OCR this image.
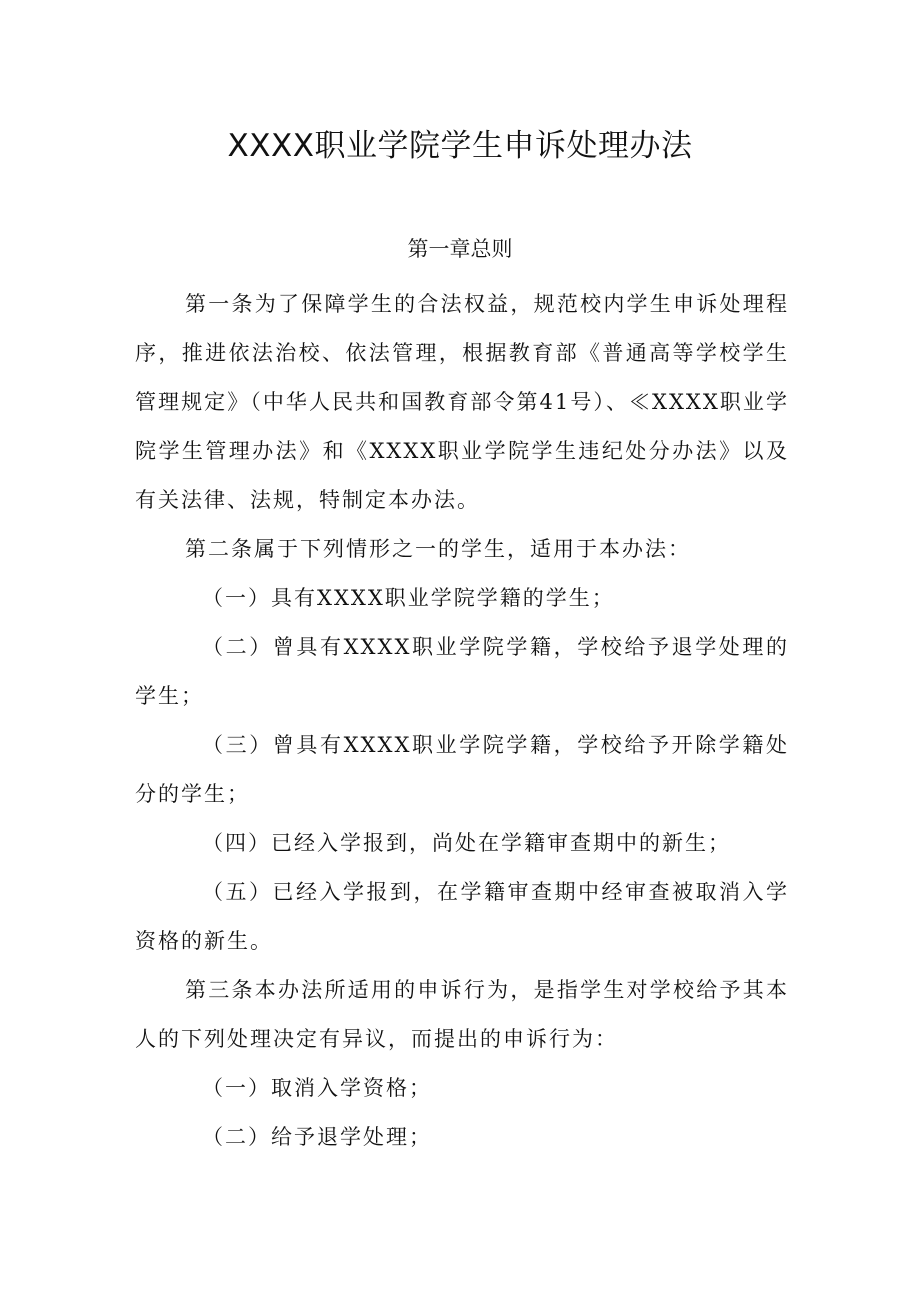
XXXX职业学院学生申诉处理办法
第一章总则

第一条为了保障学生的合法权益，规范校内学生申诉处理程序，推进依法治校、依法管理，根据教育部《普通高等学校学生管理规定》（中华人民共和国教育部令第41号）、≪XXXX职业学院学生管理办法》和《XXXX职业学院学生违纪处分办法》以及有关法律、法规，特制定本办法。

第二条属于下列情形之一的学生，适用于本办法：

（一）具有XXXX职业学院学籍的学生；

（二）曾具有XXXX职业学院学籍，学校给予退学处理的学生；

（三）曾具有XXXX职业学院学籍，学校给予开除学籍处分的学生；

（四）已经入学报到，尚处在学籍审查期中的新生；

（五）已经入学报到，在学籍审查期中经审查被取消入学资格的新生。

第三条本办法所适用的申诉行为，是指学生对学校给予其本人的下列处理决定有异议，而提出的申诉行为：

（一）取消入学资格；

（二）给予退学处理；
